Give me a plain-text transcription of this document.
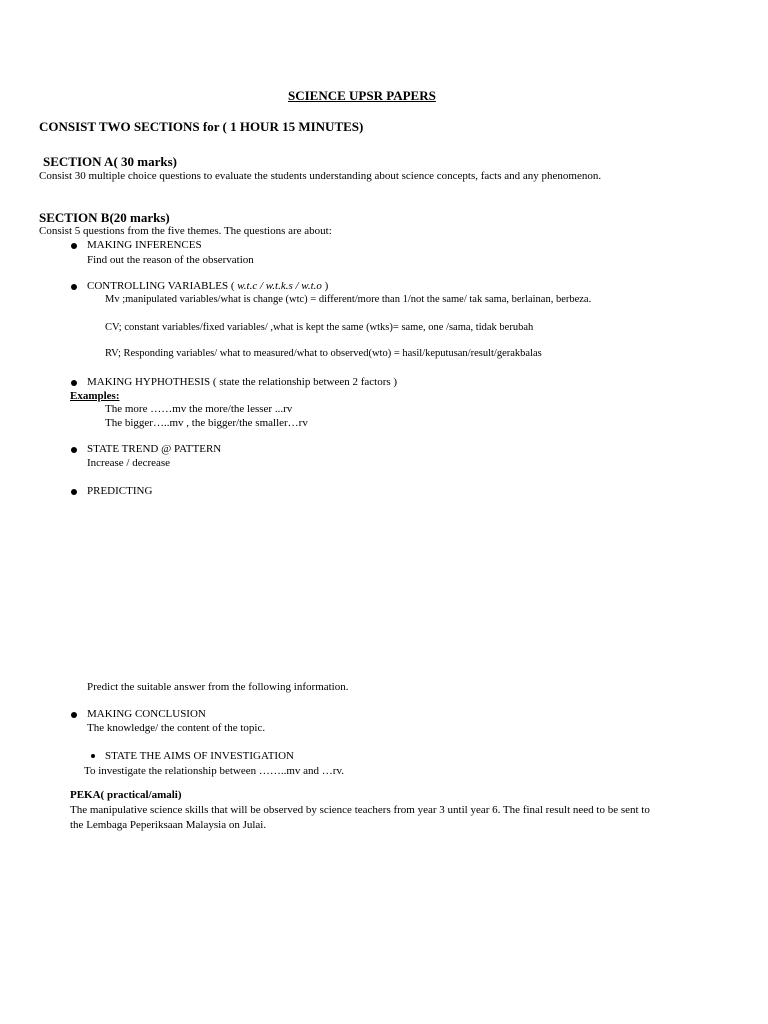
SCIENCE UPSR PAPERS
CONSIST TWO SECTIONS for ( 1 HOUR 15 MINUTES)
SECTION A( 30 marks)
Consist 30 multiple choice questions to evaluate the students understanding about science concepts, facts and any phenomenon.
SECTION B(20 marks)
Consist 5 questions from the five themes. The questions are about:
MAKING INFERENCES
Find out the reason of the observation
CONTROLLING VARIABLES ( w.t.c / w.t.k.s / w.t.o )
Mv ;manipulated variables/what is change (wtc) = different/more than 1/not the same/ tak sama, berlainan, berbeza.
CV; constant variables/fixed variables/ ,what is kept the same (wtks)= same, one /sama, tidak berubah
RV; Responding variables/ what to measured/what to observed(wto) = hasil/keputusan/result/gerakbalas
MAKING HYPHOTHESIS ( state the relationship between 2 factors )
Examples:
The more ……mv the more/the lesser ...rv
The bigger…..mv , the bigger/the smaller…rv
STATE TREND @ PATTERN
Increase / decrease
PREDICTING
Predict the suitable answer from the following information.
MAKING CONCLUSION
The knowledge/ the content of the topic.
STATE THE AIMS OF INVESTIGATION
To investigate the relationship between ……..mv and …rv.
PEKA( practical/amali)
The manipulative science skills that will be observed by science teachers from year 3 until year 6. The final result need to be sent to
the Lembaga Peperiksaan Malaysia on Julai.
